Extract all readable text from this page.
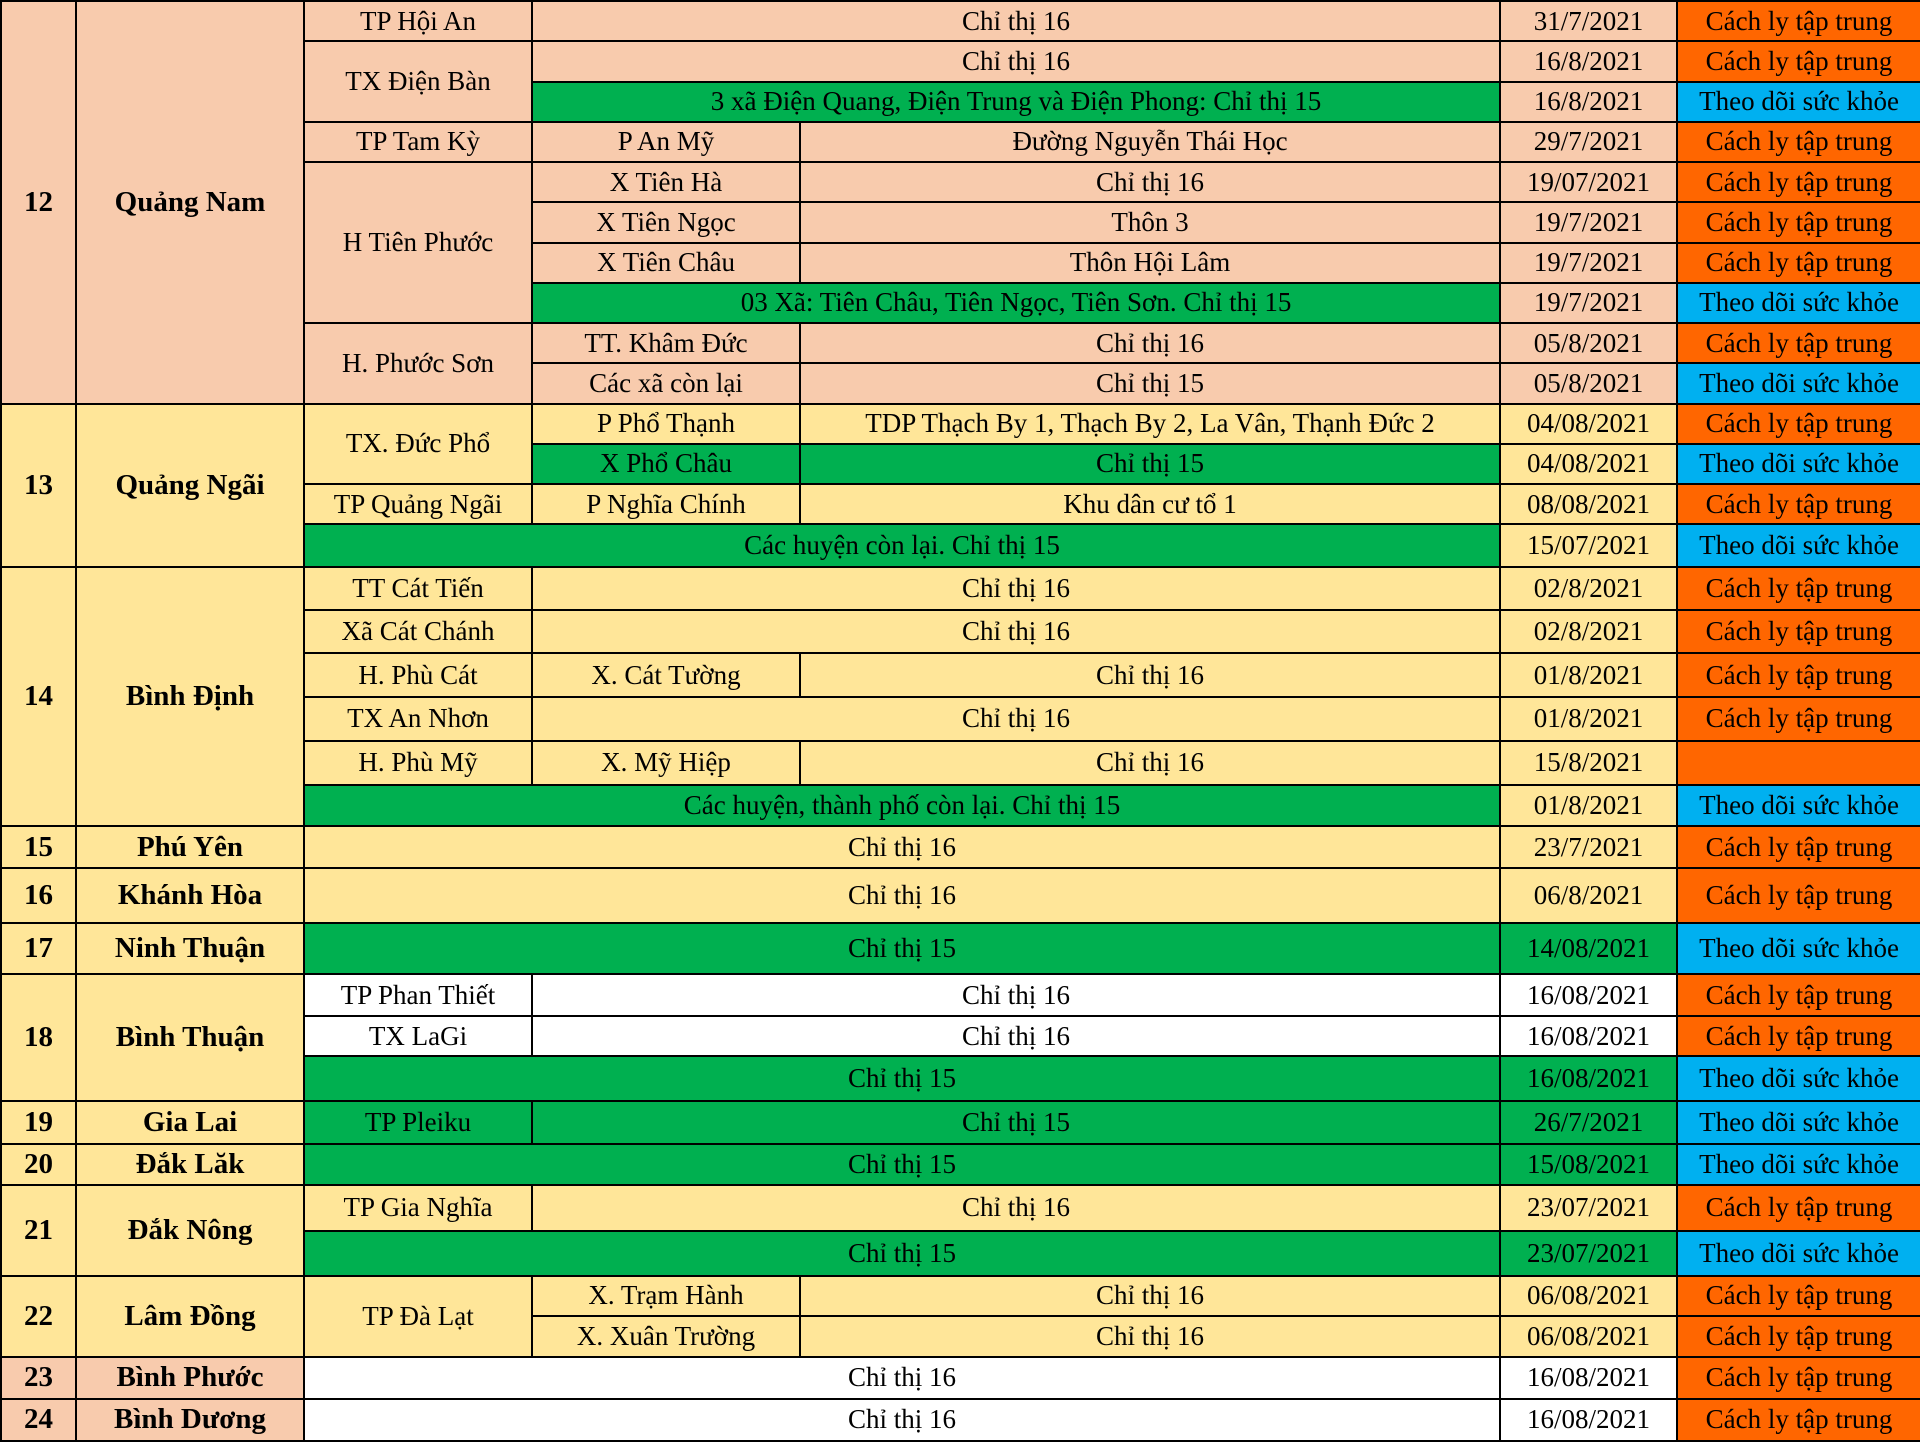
12	Quảng Nam	TP Hội An	Chỉ thị 16		31/7/2021	Cách ly tập trung
		TX Điện Bàn	Chỉ thị 16		16/8/2021	Cách ly tập trung
			3 xã Điện Quang, Điện Trung và Điện Phong: Chỉ thị 15		16/8/2021	Theo dõi sức khỏe
		TP Tam Kỳ	P An Mỹ	Đường Nguyễn Thái Học	29/7/2021	Cách ly tập trung
		H Tiên Phước	X Tiên Hà	Chỉ thị 16	19/07/2021	Cách ly tập trung
			X Tiên Ngọc	Thôn 3	19/7/2021	Cách ly tập trung
			X Tiên Châu	Thôn Hội Lâm	19/7/2021	Cách ly tập trung
			03 Xã: Tiên Châu, Tiên Ngọc, Tiên Sơn. Chỉ thị 15		19/7/2021	Theo dõi sức khỏe
		H. Phước Sơn	TT. Khâm Đức	Chỉ thị 16	05/8/2021	Cách ly tập trung
			Các xã còn lại	Chỉ thị 15	05/8/2021	Theo dõi sức khỏe
13	Quảng Ngãi	TX. Đức Phổ	P Phổ Thạnh	TDP Thạch By 1, Thạch By 2, La Vân, Thạnh Đức 2	04/08/2021	Cách ly tập trung
			X Phổ Châu	Chỉ thị 15	04/08/2021	Theo dõi sức khỏe
		TP Quảng Ngãi	P Nghĩa Chính	Khu dân cư tổ 1	08/08/2021	Cách ly tập trung
		Các huyện còn lại. Chỉ thị 15			15/07/2021	Theo dõi sức khỏe
14	Bình Định	TT Cát Tiến	Chỉ thị 16		02/8/2021	Cách ly tập trung
		Xã Cát Chánh	Chỉ thị 16		02/8/2021	Cách ly tập trung
		H. Phù Cát	X. Cát Tường	Chỉ thị 16	01/8/2021	Cách ly tập trung
		TX An Nhơn	Chỉ thị 16		01/8/2021	Cách ly tập trung
		H. Phù Mỹ	X. Mỹ Hiệp	Chỉ thị 16	15/8/2021	
		Các huyện, thành phố còn lại. Chỉ thị 15			01/8/2021	Theo dõi sức khỏe
15	Phú Yên	Chỉ thị 16			23/7/2021	Cách ly tập trung
16	Khánh Hòa	Chỉ thị 16			06/8/2021	Cách ly tập trung
17	Ninh Thuận	Chỉ thị 15			14/08/2021	Theo dõi sức khỏe
18	Bình Thuận	TP Phan Thiết	Chỉ thị 16		16/08/2021	Cách ly tập trung
		TX LaGi	Chỉ thị 16		16/08/2021	Cách ly tập trung
		Chỉ thị 15			16/08/2021	Theo dõi sức khỏe
19	Gia Lai	TP Pleiku	Chỉ thị 15		26/7/2021	Theo dõi sức khỏe
20	Đắk Lăk	Chỉ thị 15			15/08/2021	Theo dõi sức khỏe
21	Đắk Nông	TP Gia Nghĩa	Chỉ thị 16		23/07/2021	Cách ly tập trung
		Chỉ thị 15			23/07/2021	Theo dõi sức khỏe
22	Lâm Đồng	TP Đà Lạt	X. Trạm Hành	Chỉ thị 16	06/08/2021	Cách ly tập trung
			X. Xuân Trường	Chỉ thị 16	06/08/2021	Cách ly tập trung
23	Bình Phước	Chỉ thị 16			16/08/2021	Cách ly tập trung
24	Bình Dương	Chỉ thị 16			16/08/2021	Cách ly tập trung
